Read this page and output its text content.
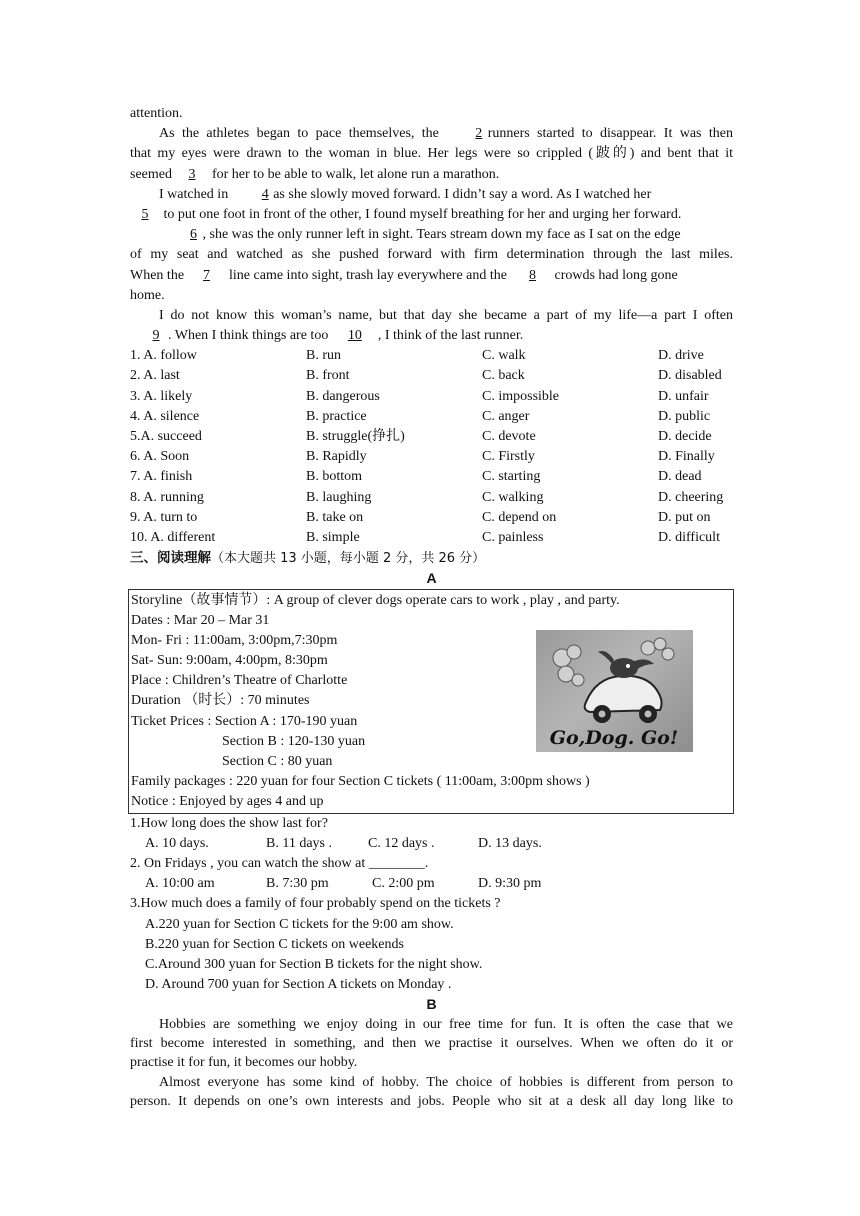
attention.
As the athletes began to pace themselves, the	2 runners started to disappear. It was then
that my eyes were drawn to the woman in blue. Her legs were so crippled (跛的) and bent that it
seemed 3 for her to be able to walk, let alone run a marathon.
I watched in 4 as she slowly moved forward. I didn’t say a word. As I watched her
5 to put one foot in front of the other, I found myself breathing for her and urging her forward.
6 , she was the only runner left in sight. Tears stream down my face as I sat on the edge
of my seat and watched as she pushed forward with firm determination through the last miles.
When the 7 line came into sight, trash lay everywhere and the 8 crowds had long gone
home.
I do not know this woman’s name, but that day she became a part of my life—a part I often
9 . When I think things are too 10 , I think of the last runner.
1. A. follow	B. run	C. walk	D. drive
2. A. last	B. front	C. back	D. disabled
3. A. likely	B. dangerous	C. impossible	D. unfair
4. A. silence	B. practice	C. anger	D. public
5.A. succeed	B. struggle(挣扎)	C. devote	D. decide
6. A. Soon	B. Rapidly	C. Firstly	D. Finally
7. A. finish	B. bottom	C. starting	D. dead
8. A. running	B. laughing	C. walking	D. cheering
9. A. turn to	B. take on	C. depend on	D. put on
10. A. different	B. simple	C. painless	D. difficult
三、阅读理解（本大题共 13 小题，每小题 2 分，共 26 分）
A
Storyline（故事情节）: A group of clever dogs operate cars to work , play , and party.
Dates : Mar 20 – Mar 31
Mon- Fri : 11:00am, 3:00pm,7:30pm
Sat- Sun: 9:00am, 4:00pm, 8:30pm
Place : Children’s Theatre of Charlotte
Duration （时长）: 70 minutes
Ticket Prices : Section A : 170-190 yuan
Section B : 120-130 yuan
Section C : 80 yuan
Family packages : 220 yuan for four Section C tickets ( 11:00am, 3:00pm shows )
Notice : Enjoyed by ages 4 and up
Go,Dog. Go!
1.How long does the show last for?
A. 10 days.	B. 11 days .	C. 12 days .	D. 13 days.
2. On Fridays , you can watch the show at ________.
A. 10:00 am	B. 7:30 pm	C. 2:00 pm	D. 9:30 pm
3.How much does a family of four probably spend on the tickets ?
A.220 yuan for Section C tickets for the 9:00 am show.
B.220 yuan for Section C tickets on weekends
C.Around 300 yuan for Section B tickets for the night show.
D. Around 700 yuan for Section A tickets on Monday .
B
Hobbies are something we enjoy doing in our free time for fun. It is often the case that we
first become interested in something, and then we practise it ourselves. When we often do it or
practise it for fun, it becomes our hobby.
Almost everyone has some kind of hobby. The choice of hobbies is different from person to
person. It depends on one’s own interests and jobs. People who sit at a desk all day long like to
